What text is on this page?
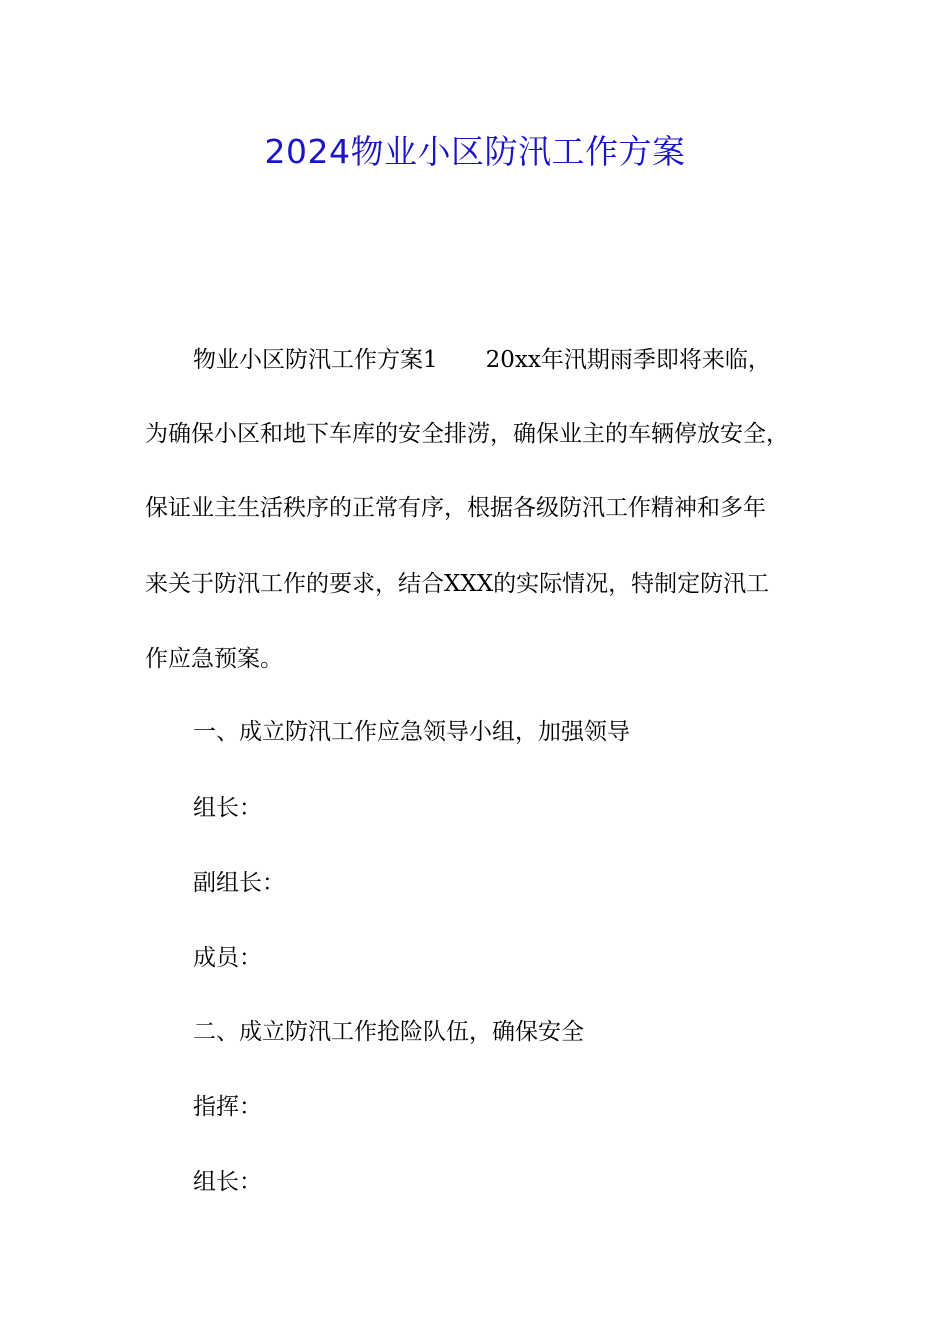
2024物业小区防汛工作方案
物业小区防汛工作方案1 20xx年汛期雨季即将来临，
为确保小区和地下车库的安全排涝，确保业主的车辆停放安全，
保证业主生活秩序的正常有序，根据各级防汛工作精神和多年
来关于防汛工作的要求，结合XXX的实际情况，特制定防汛工
作应急预案。
一、成立防汛工作应急领导小组，加强领导
组长：
副组长：
成员：
二、成立防汛工作抢险队伍，确保安全
指挥：
组长：
